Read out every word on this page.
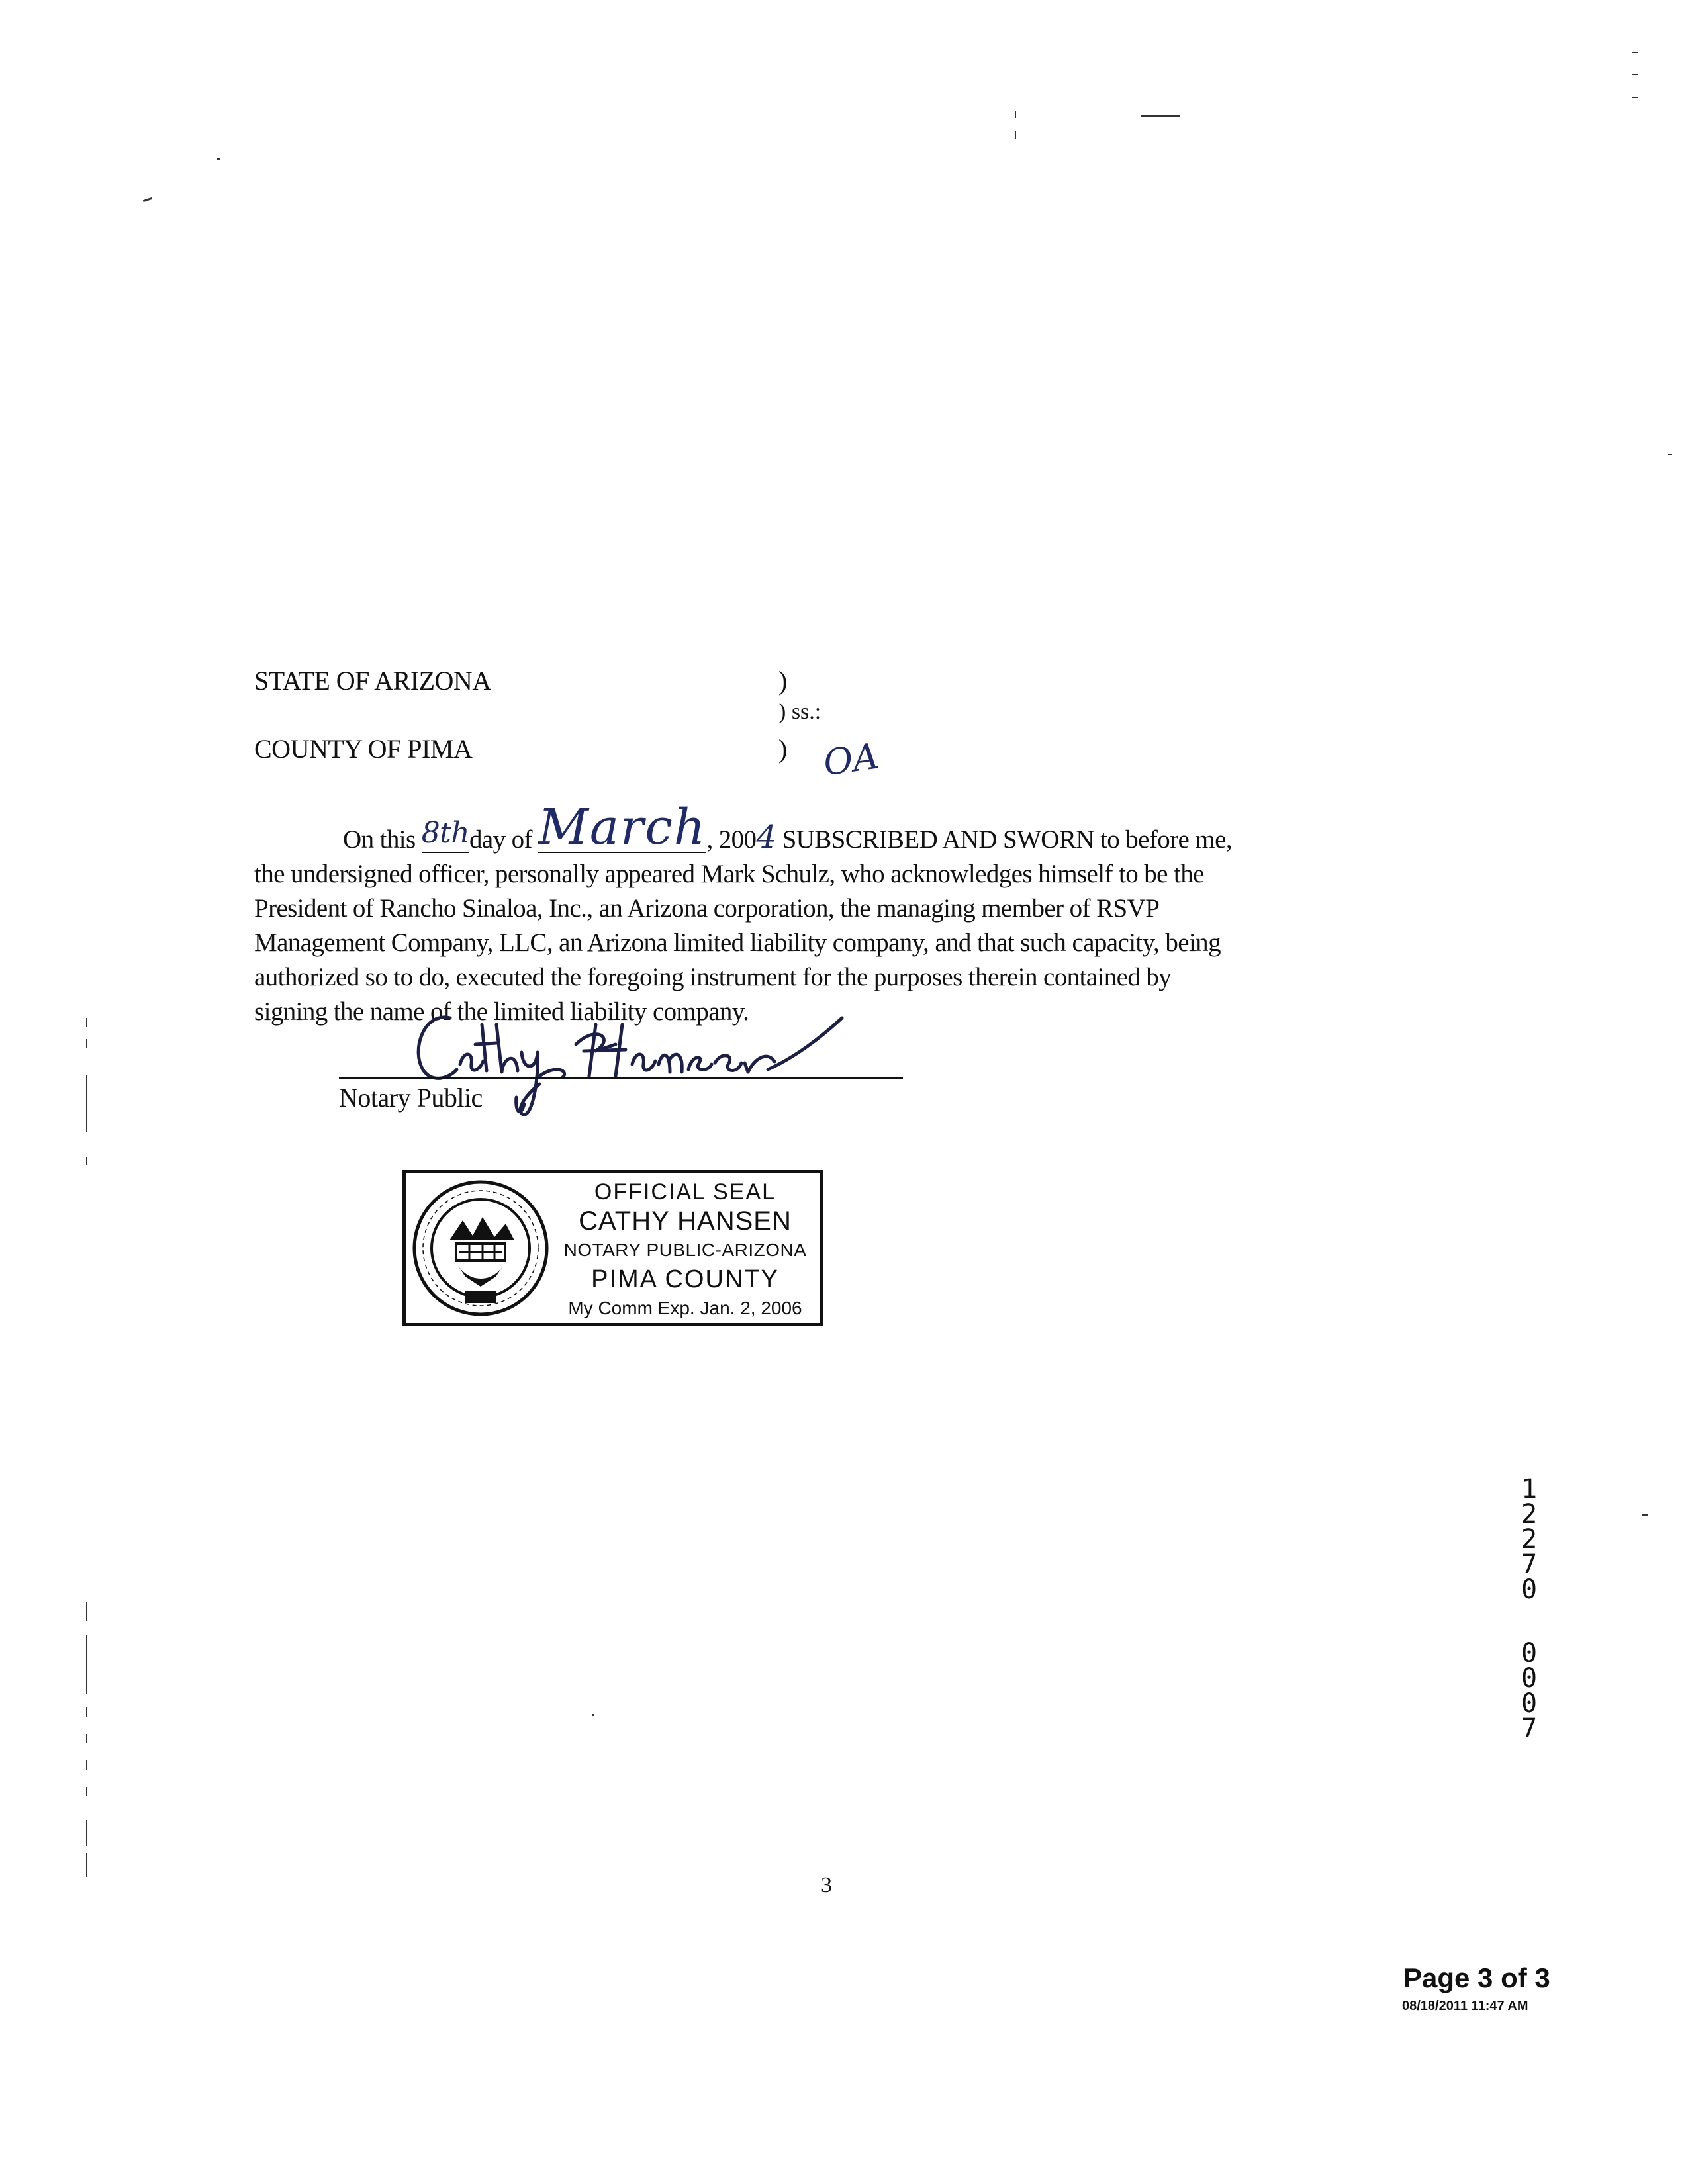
STATE OF ARIZONA
COUNTY OF PIMA
)
) ss.:
) OA

On this 8thday of March, 2004 SUBSCRIBED AND SWORN to before me,

the undersigned officer, personally appeared Mark Schulz, who acknowledges himself to be the

President of Rancho Sinaloa, Inc., an Arizona corporation, the managing member of RSVP

Management Company, LLC, an Arizona limited liability company, and that such capacity, being

authorized so to do, executed the foregoing instrument for the purposes therein contained by

signing the name of the limited liability company.

Notary Public
OFFICIAL SEAL
CATHY HANSEN
NOTARY PUBLIC-ARIZONA
PIMA COUNTY
My Comm Exp. Jan. 2, 2006
1
2
2
7
0
0
0
0
7
3
Page 3 of 3
08/18/2011 11:47 AM
